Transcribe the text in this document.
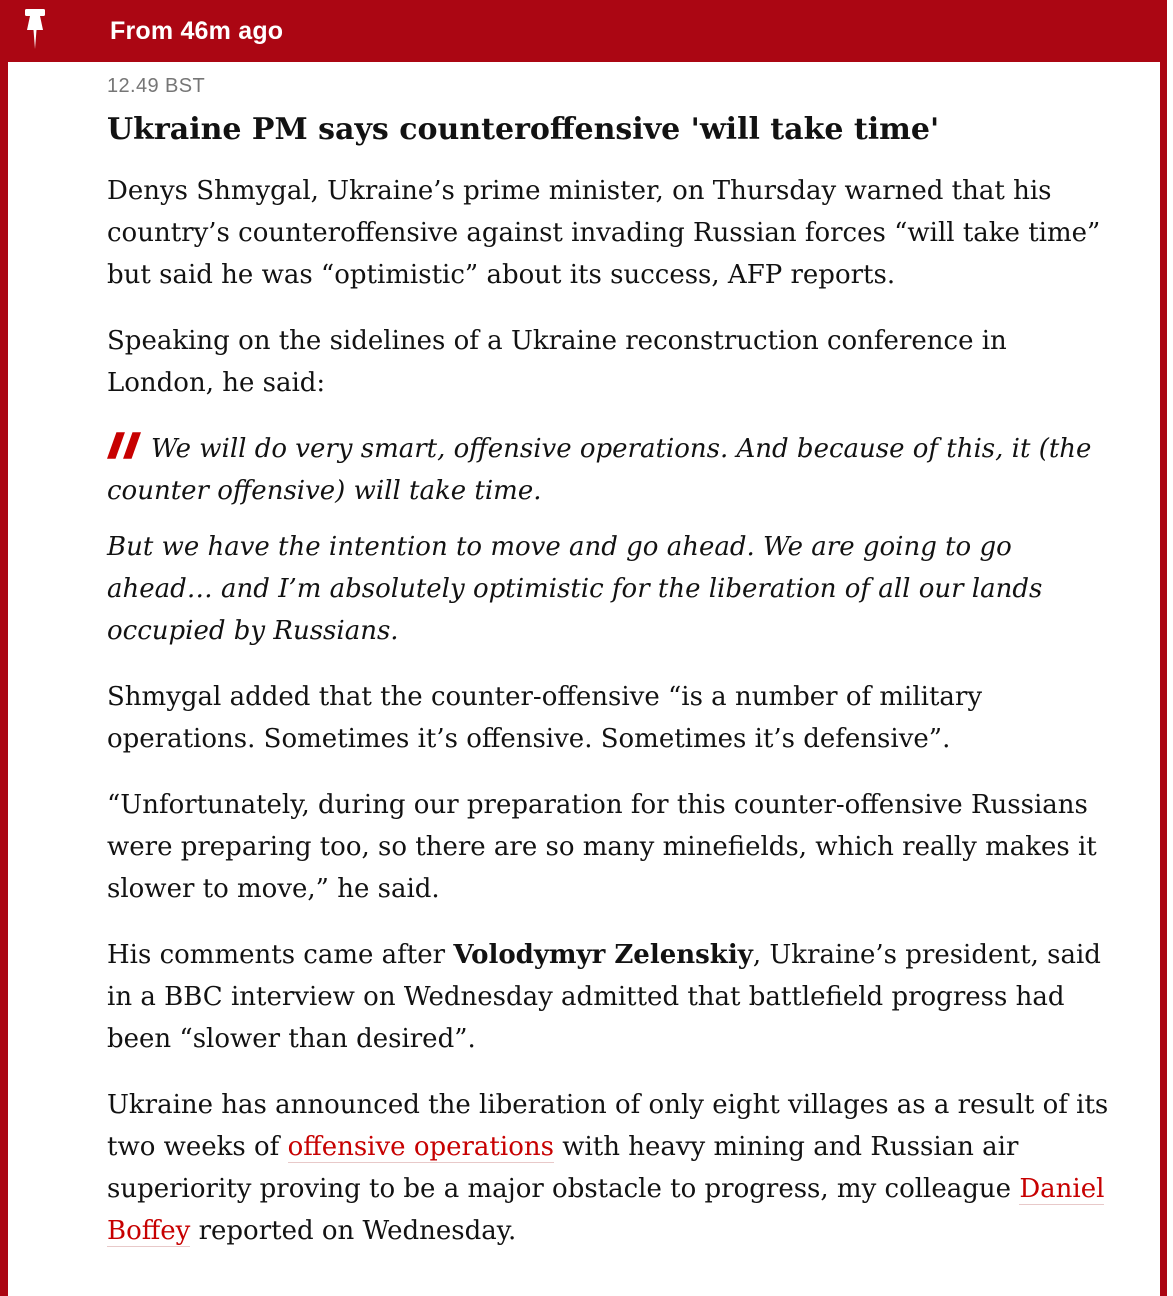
From 46m ago
12.49 BST
Ukraine PM says counteroffensive 'will take time'

Denys Shmygal, Ukraine’s prime minister, on Thursday warned that his country’s counteroffensive against invading Russian forces “will take time” but said he was “optimistic” about its success, AFP reports.

Speaking on the sidelines of a Ukraine reconstruction conference in London, he said:

We will do very smart, offensive operations. And because of this, it (the counter offensive) will take time.

But we have the intention to move and go ahead. We are going to go ahead… and I’m absolutely optimistic for the liberation of all our lands occupied by Russians.

Shmygal added that the counter-offensive “is a number of military operations. Sometimes it’s offensive. Sometimes it’s defensive”.

“Unfortunately, during our preparation for this counter-offensive Russians were preparing too, so there are so many minefields, which really makes it slower to move,” he said.

His comments came after Volodymyr Zelenskiy, Ukraine’s president, said in a BBC interview on Wednesday admitted that battlefield progress had been “slower than desired”.

Ukraine has announced the liberation of only eight villages as a result of its two weeks of offensive operations with heavy mining and Russian air superiority proving to be a major obstacle to progress, my colleague Daniel Boffey reported on Wednesday.
